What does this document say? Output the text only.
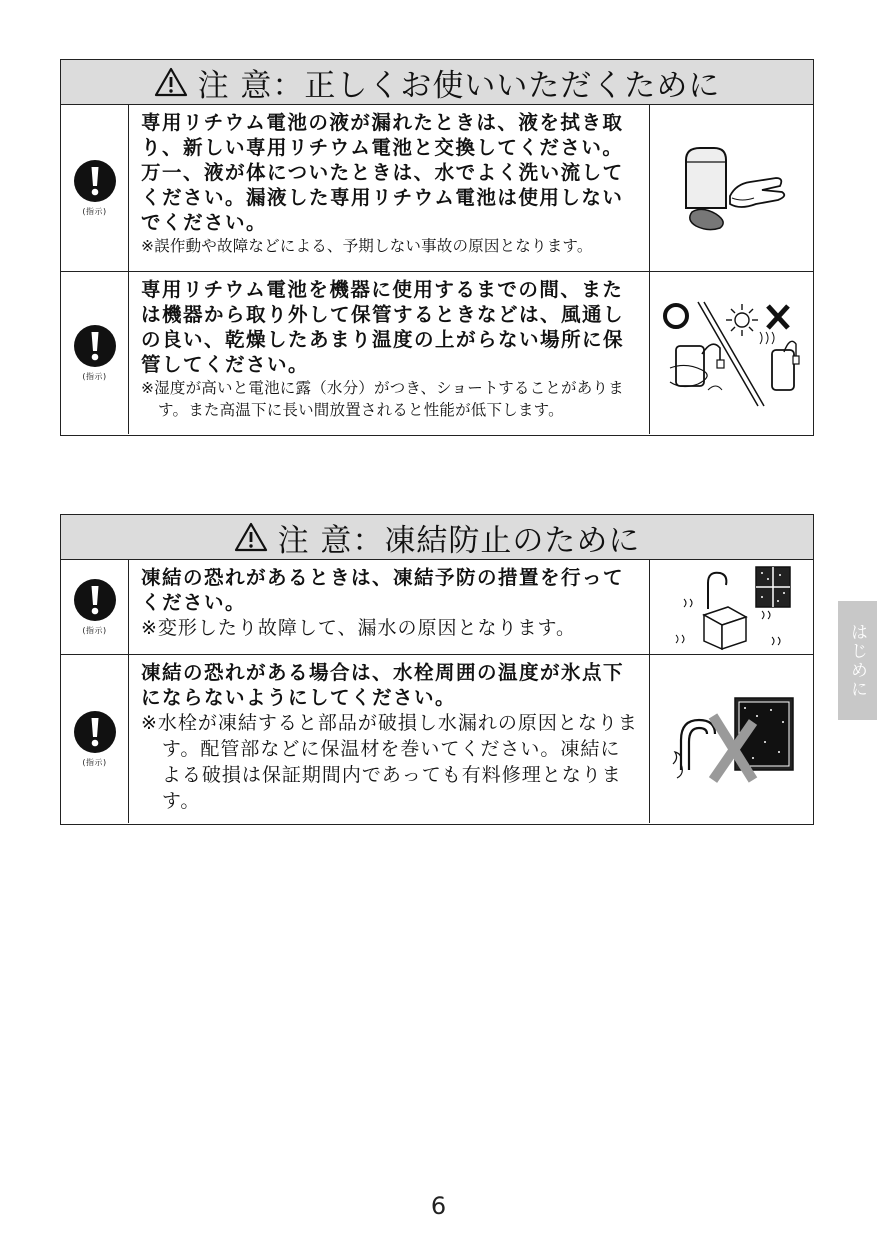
注 意：正しくお使いいただくために
(指示)
専用リチウム電池の液が漏れたときは、液を拭き取り、新しい専用リチウム電池と交換してください。万一、液が体についたときは、水でよく洗い流してください。漏液した専用リチウム電池は使用しないでください。
※誤作動や故障などによる、予期しない事故の原因となります。
(指示)
専用リチウム電池を機器に使用するまでの間、または機器から取り外して保管するときなどは、風通しの良い、乾燥したあまり温度の上がらない場所に保管してください。
※湿度が高いと電池に露（水分）がつき、ショートすることがあります。また高温下に長い間放置されると性能が低下します。
注 意：凍結防止のために
(指示)
凍結の恐れがあるときは、凍結予防の措置を行ってください。
※変形したり故障して、漏水の原因となります。
(指示)
凍結の恐れがある場合は、水栓周囲の温度が氷点下にならないようにしてください。
※水栓が凍結すると部品が破損し水漏れの原因となります。配管部などに保温材を巻いてください。凍結による破損は保証期間内であっても有料修理となります。
はじめに
6
